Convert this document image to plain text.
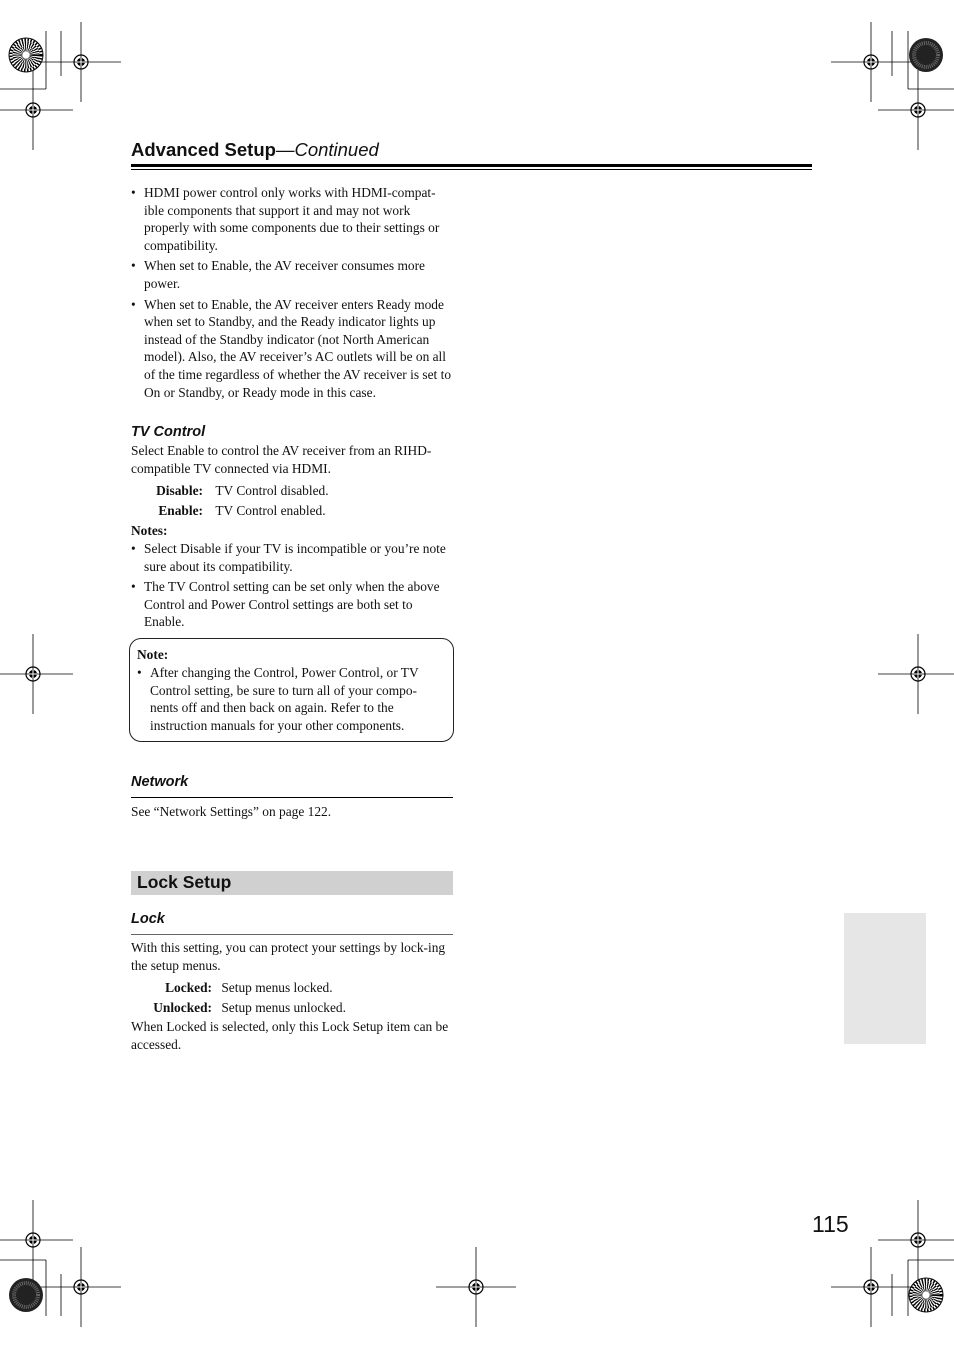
Advanced Setup—Continued
• HDMI power control only works with HDMI-compat-ible components that support it and may not work properly with some components due to their settings or compatibility.
• When set to Enable, the AV receiver consumes more power.
• When set to Enable, the AV receiver enters Ready mode when set to Standby, and the Ready indicator lights up instead of the Standby indicator (not North American model). Also, the AV receiver’s AC outlets will be on all of the time regardless of whether the AV receiver is set to On or Standby, or Ready mode in this case.
TV Control
Select Enable to control the AV receiver from an RIHD-compatible TV connected via HDMI.
Disable: TV Control disabled.
Enable: TV Control enabled.
Notes:
• Select Disable if your TV is incompatible or you’re note sure about its compatibility.
• The TV Control setting can be set only when the above Control and Power Control settings are both set to Enable.
Note:
• After changing the Control, Power Control, or TV Control setting, be sure to turn all of your compo-nents off and then back on again. Refer to the instruction manuals for your other components.
Network
See “Network Settings” on page 122.
Lock Setup
Lock
With this setting, you can protect your settings by lock-ing the setup menus.
Locked: Setup menus locked.
Unlocked: Setup menus unlocked.
When Locked is selected, only this Lock Setup item can be accessed.
115
